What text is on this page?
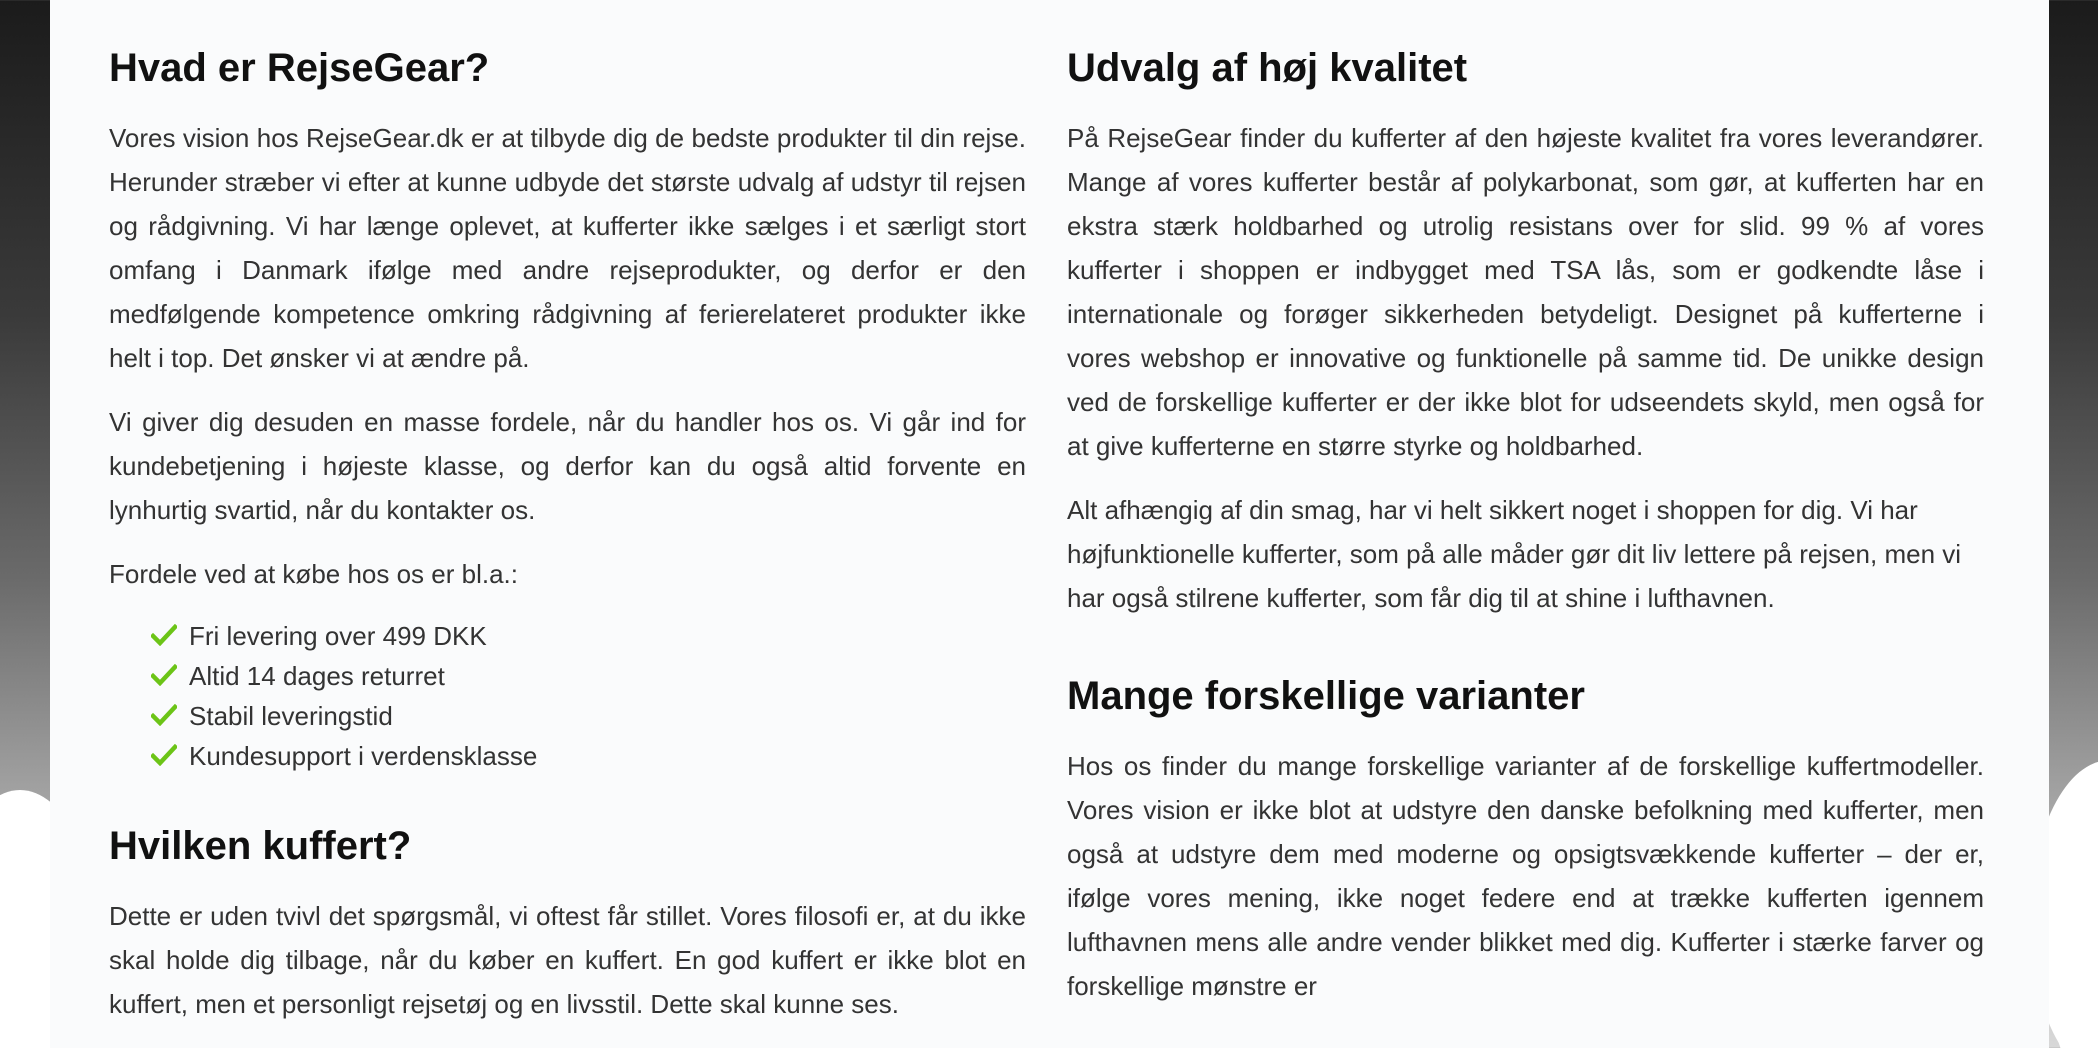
Hvad er RejseGear?

Vores vision hos RejseGear.dk er at tilbyde dig de bedste produkter til din rejse. Herunder stræber vi efter at kunne udbyde det største udvalg af udstyr til rejsen og rådgivning. Vi har længe oplevet, at kufferter ikke sælges i et særligt stort omfang i Danmark ifølge med andre rejseprodukter, og derfor er den medfølgende kompetence omkring rådgivning af ferierelateret produkter ikke helt i top. Det ønsker vi at ændre på.

Vi giver dig desuden en masse fordele, når du handler hos os. Vi går ind for kundebetjening i højeste klasse, og derfor kan du også altid forvente en lynhurtig svartid, når du kontakter os.

Fordele ved at købe hos os er bl.a.:

Fri levering over 499 DKK
Altid 14 dages returret
Stabil leveringstid
Kundesupport i verdensklasse
Hvilken kuffert?

Dette er uden tvivl det spørgsmål, vi oftest får stillet. Vores filosofi er, at du ikke skal holde dig tilbage, når du køber en kuffert. En god kuffert er ikke blot en kuffert, men et personligt rejsetøj og en livsstil. Dette skal kunne ses.

Udvalg af høj kvalitet

På RejseGear finder du kufferter af den højeste kvalitet fra vores leverandører. Mange af vores kufferter består af polykarbonat, som gør, at kufferten har en ekstra stærk holdbarhed og utrolig resistans over for slid. 99 % af vores kufferter i shoppen er indbygget med TSA lås, som er godkendte låse i internationale og forøger sikkerheden betydeligt. Designet på kufferterne i vores webshop er innovative og funktionelle på samme tid. De unikke design ved de forskellige kufferter er der ikke blot for udseendets skyld, men også for at give kufferterne en større styrke og holdbarhed.

Alt afhængig af din smag, har vi helt sikkert noget i shoppen for dig. Vi har højfunktionelle kufferter, som på alle måder gør dit liv lettere på rejsen, men vi har også stilrene kufferter, som får dig til at shine i lufthavnen.

Mange forskellige varianter

Hos os finder du mange forskellige varianter af de forskellige kuffertmodeller. Vores vision er ikke blot at udstyre den danske befolkning med kufferter, men også at udstyre dem med moderne og opsigtsvækkende kufferter – der er, ifølge vores mening, ikke noget federe end at trække kufferten igennem lufthavnen mens alle andre vender blikket med dig. Kufferter i stærke farver og forskellige mønstre er
